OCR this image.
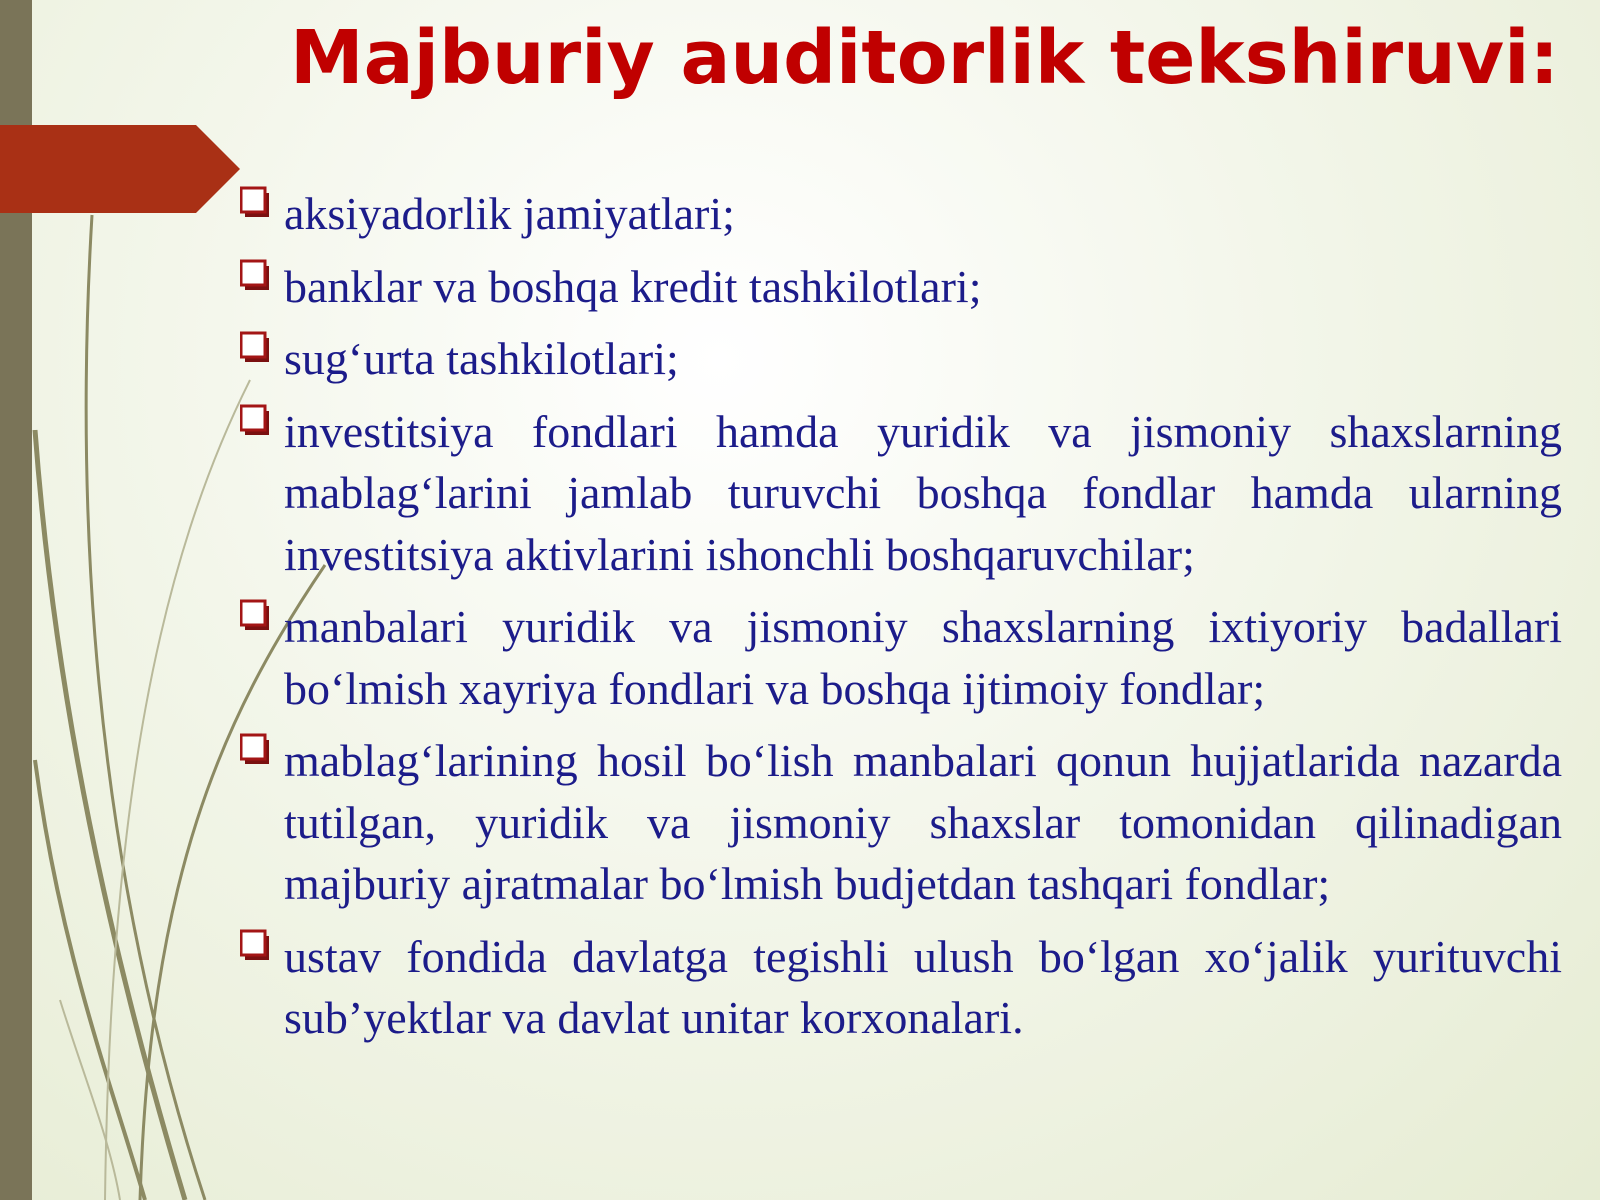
Majburiy auditorlik tekshiruvi:
aksiyadorlik jamiyatlari;
banklar va boshqa kredit tashkilotlari;
sug‘urta tashkilotlari;
investitsiya fondlari hamda yuridik va jismoniy shaxslarning mablag‘larini jamlab turuvchi boshqa fondlar hamda ularning investitsiya aktivlarini ishonchli boshqaruvchilar;
manbalari yuridik va jismoniy shaxslarning ixtiyoriy badallari bo‘lmish xayriya fondlari va boshqa ijtimoiy fondlar;
mablag‘larining hosil bo‘lish manbalari qonun hujjatlarida nazarda tutilgan, yuridik va jismoniy shaxslar tomonidan qilinadigan majburiy ajratmalar bo‘lmish budjetdan tashqari fondlar;
ustav fondida davlatga tegishli ulush bo‘lgan xo‘jalik yurituvchi sub’yektlar va davlat unitar korxonalari.
